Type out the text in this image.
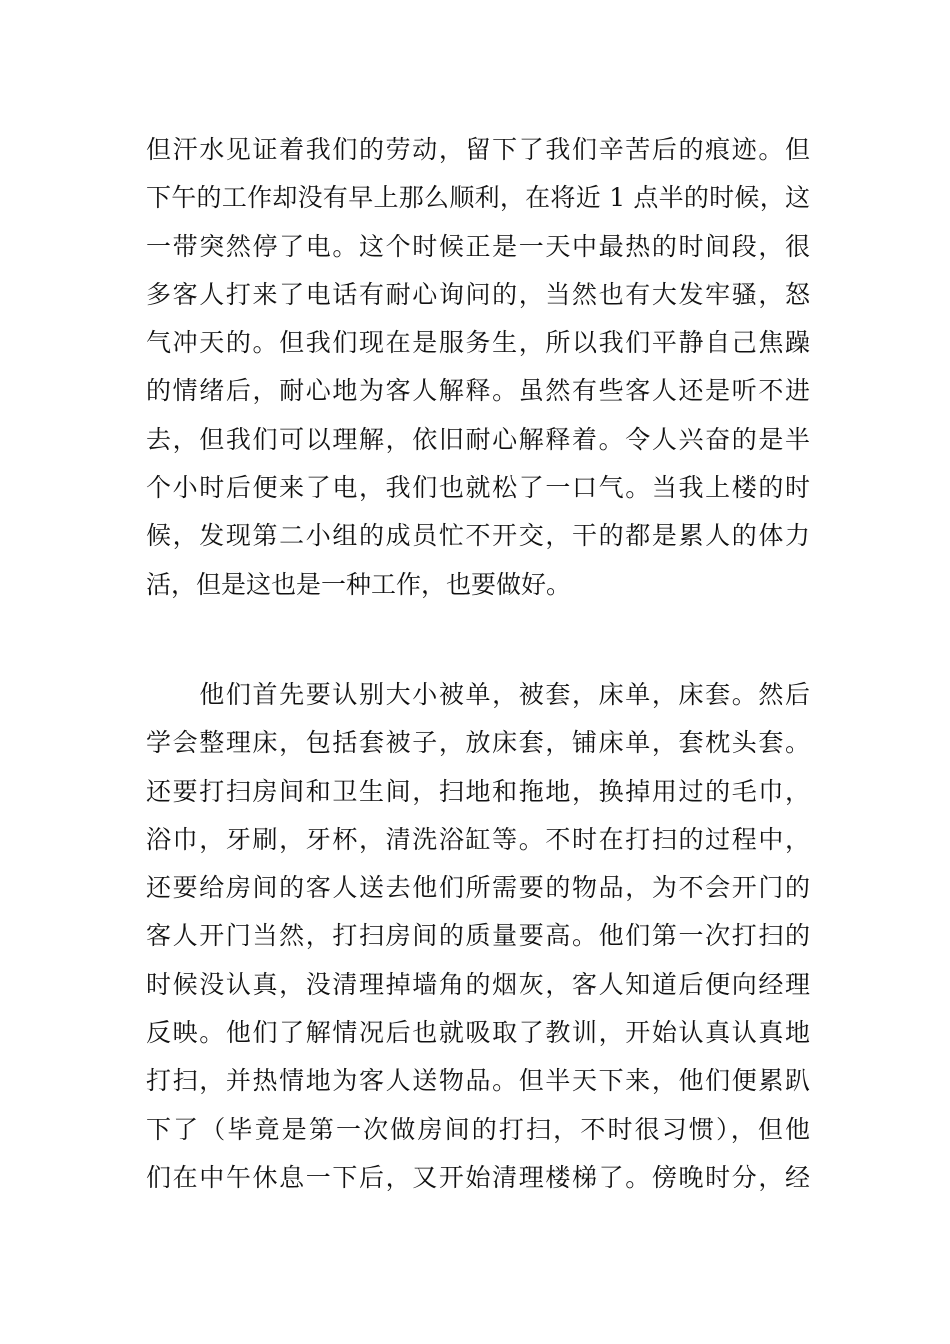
但汗水见证着我们的劳动，留下了我们辛苦后的痕迹。但
下午的工作却没有早上那么顺利，在将近 1 点半的时候，这
一带突然停了电。这个时候正是一天中最热的时间段，很
多客人打来了电话有耐心询问的，当然也有大发牢骚，怒
气冲天的。但我们现在是服务生，所以我们平静自己焦躁
的情绪后，耐心地为客人解释。虽然有些客人还是听不进
去，但我们可以理解，依旧耐心解释着。令人兴奋的是半
个小时后便来了电，我们也就松了一口气。当我上楼的时
候，发现第二小组的成员忙不开交，干的都是累人的体力
活，但是这也是一种工作，也要做好。
　　他们首先要认别大小被单，被套，床单，床套。然后
学会整理床，包括套被子，放床套，铺床单，套枕头套。
还要打扫房间和卫生间，扫地和拖地，换掉用过的毛巾，
浴巾，牙刷，牙杯，清洗浴缸等。不时在打扫的过程中，
还要给房间的客人送去他们所需要的物品，为不会开门的
客人开门当然，打扫房间的质量要高。他们第一次打扫的
时候没认真，没清理掉墙角的烟灰，客人知道后便向经理
反映。他们了解情况后也就吸取了教训，开始认真认真地
打扫，并热情地为客人送物品。但半天下来，他们便累趴
下了（毕竟是第一次做房间的打扫，不时很习惯），但他
们在中午休息一下后，又开始清理楼梯了。傍晚时分，经
